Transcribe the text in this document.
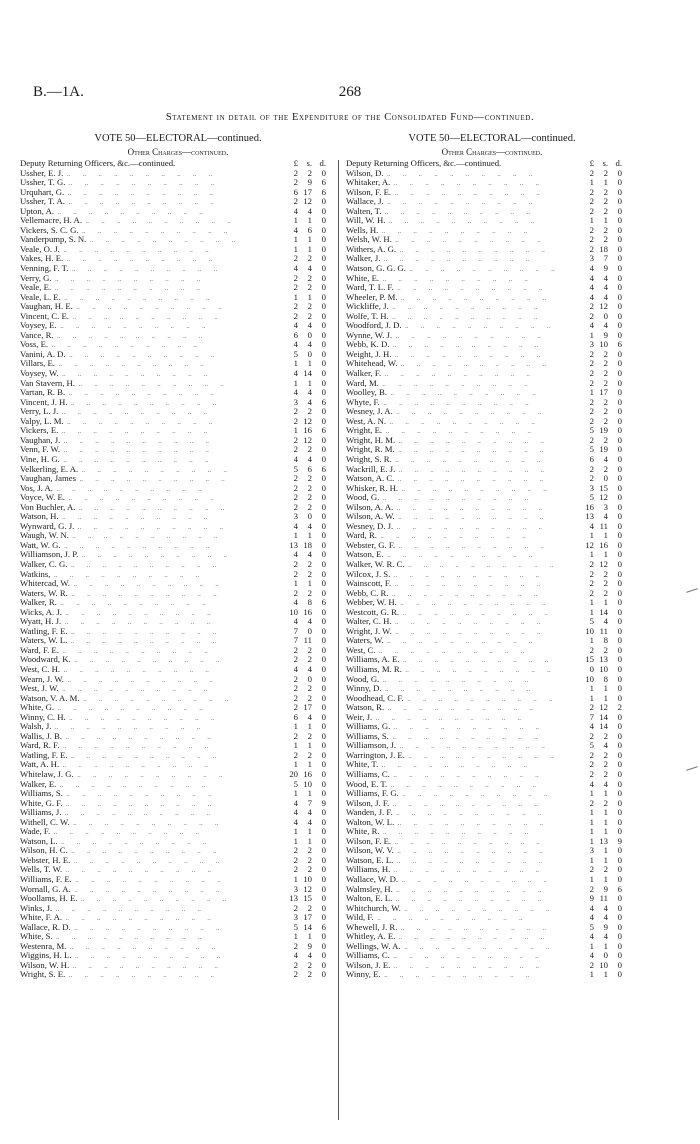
B.—1A.	268
Statement in detail of the Expenditure of the Consolidated Fund—continued.
VOTE 50—ELECTORAL—continued.
Other Charges—continued.
Deputy Returning Officers, &c.—continued.	£ s. d.
Ussher, E. J. ..	2	2	0
Ussher, T. G. ..	2	9	6
Urquhart, G. ..	6 17	6
Ussher, T. A. ..	2 12	0
Upton, A. ..	4	4	0
Vellemacre, H. A. ..	1	1	0
Vickers, S. C. G. ..	4	6	0
Vanderpump, S. N. ..	1	1	0
Veale, O. J. ..	1	1	0
Vakes, H. E. ..	2	2	0
Venning, F. T. ..	4	4	0
Verry, G. ..	2	2	0
Veale, E. ..	2	2	0
Veale, L. E. ..	1	1	0
Vaughan, H. E. ..	2	2	0
Vincent, C. E. ..	2	2	0
Voysey, E. ..	4	4	0
Vance, R. ..	6	0	0
Voss, E. ..	4	4	0
Vanini, A. D. ..	5	0	0
Villars, E. ..	1	1	0
Voysey, W. ..	4 14	0
Van Stavern, H. ..	1	1	0
Vartan, R. B. ..	4	4	0
Vincent, J. H. ..	3	4	6
Verry, L. J. ..	2	2	0
Valpy, L. M. ..	2 12	0
Vickers, E. ..	1 16	6
Vaughan, J. ..	2 12	0
Venn, F. W. ..	2	2	0
Vine, H. G. ..	4	4	0
Velkerling, E. A. ..	5	6	6
Vaughan, James ..	2	2	0
Vos, J. A. ..	2	2	0
Voyce, W. E. ..	2	2	0
Von Buchler, A. ..	2	2	0
Watson, H. ..	3	0	0
Wynward, G. J. ..	4	4	0
Waugh, W. N. ..	1	1	0
Watt, W. G. ..	13 18	0
Williamson, J. P. ..	4	4	0
Walker, C. G. ..	2	2	0
Watkins, ..	2	2	0
Whitercad, W. ..	1	1	0
Waters, W. R. ..	2	2	0
Walker, R. ..	4	8	6
Wicks, A. J. ..	10 16	0
Wyatt, H. J. ..	4	4	0
Watling, F. E. ..	7	0	0
Waters, W. L. ..	7 11	0
Ward, F. E. ..	2	2	0
Woodward, K. ..	2	2	0
West, C. H. ..	4	4	0
Wearn, J. W. ..	2	0	0
West, J. W. ..	2	2	0
Watson, V. A. M. ..	2	2	0
White, G. ..	2 17	0
Winny, C. H. ..	6	4	0
Walsh, J. ..	1	1	0
Wallis, J. B. ..	2	2	0
Ward, R. F. ..	1	1	0
Watling, F. E. ..	2	2	0
Watt, A. H. ..	1	1	0
Whitelaw, J. G. ..	20 16	0
Walker, E. ..	5 10	0
Williams, S. ..	1	1	0
White, G. F. ..	4	7	9
Williams, J. ..	4	4	0
Withell, C. W. ..	4	4	0
Wade, F. ..	1	1	0
Watson, L. ..	1	1	0
Wilson, H. C. ..	2	2	0
Webster, H. E. ..	2	2	0
Wells, T. W. ..	2	2	0
Williams, F. E. ..	1 10	0
Wornall, G. A. ..	3 12	0
Woollams, H. E. ..	13 15	0
Winks, J. ..	2	2	0
White, F. A. ..	3 17	0
Wallace, R. D. ..	5 14	6
White, S. ..	1	1	0
Westenra, M. ..	2	9	0
Wiggins, H. L. ..	4	4	0
Wilson, W. H. ..	2	2	0
Wright, S. E. ..	2	2	0
VOTE 50—ELECTORAL—continued.
Other Charges—continued.
Deputy Returning Officers, &c.—continued.	£ s. d.
Wilson, D. ..	2	2	0
Whitaker, A. ..	1	1	0
Wilson, F. E. ..	2	2	0
Wallace, J. ..	2	2	0
Walten, T. ..	2	2	0
Will, W. H. ..	1	1	0
Wells, H. ..	2	2	0
Welsh, W. H. ..	2	2	0
Withers, A. G. ..	2 18	0
Walker, J. ..	3	7	0
Watson, G. G. G. ..	4	9	0
White, E. ..	4	4	0
Ward, T. L. F. ..	4	4	0
Wheeler, P. M. ..	4	4	0
Wickliffe, J. ..	2 12	0
Wolfe, T. H. ..	2	0	0
Woodford, J. D. ..	4	4	0
Wynne, W. J. ..	1	9	0
Webb, K. D. ..	3 10	6
Weight, J. H. ..	2	2	0
Whitehead, W. ..	2	2	0
Walker, F. ..	2	2	0
Ward, M. ..	2	2	0
Woolley, B. ..	1 17	0
Whyte, F. ..	2	2	0
Wesney, J. A. ..	2	2	0
West, A. N. ..	2	2	0
Wright, E. ..	5 19	0
Wright, H. M. ..	2	2	0
Wright, R. M. ..	5 19	0
Wright, S. R. ..	6	4	0
Wackrill, E. J. ..	2	2	0
Watson, A. C. ..	2	0	0
Whisker, R. H. ..	3 15	0
Wood, G. ..	5 12	0
Wilson, A. A. ..	16	3	0
Wilson, A. W. ..	13	4	0
Wesney, D. J. ..	4 11	0
Ward, R. ..	1	1	0
Webster, G. F. ..	12 16	0
Watson, E. ..	1	1	0
Walker, W. R. C. ..	2 12	0
Wilcox, J. S. ..	2	2	0
Wainscott, F. ..	2	2	0
Webb, C. R. ..	2	2	0
Webber, W. H. ..	1	1	0
Westcott, G. R. ..	1 14	0
Walter, C. H. ..	5	4	0
Wright, J. W. ..	10 11	0
Waters, W. ..	1	8	0
West, C. ..	2	2	0
Williams, A. E. ..	15 13	0
Williams, M. R. ..	0 10	0
Wood, G. ..	10	8	0
Winny, D. ..	1	1	0
Woodhead, C. F. ..	1	1	0
Watson, R. ..	2 12	2
Weir, J. ..	7 14	0
Williams, G. ..	4 14	0
Williams, S. ..	2	2	0
Williamson, J. ..	5	4	0
Warrington, J. E. ..	2	2	0
White, T. ..	2	2	0
Williams, C. ..	2	2	0
Wood, E. T. ..	4	4	0
Williams, F. G. ..	1	1	0
Wilson, J. F. ..	2	2	0
Wanden, J. F. ..	1	1	0
Walton, W. L. ..	1	1	0
White, R. ..	1	1	0
Wilson, F. E. ..	1 13	9
Wilson, W. V. ..	3	1	0
Watson, E. L. ..	1	1	0
Williams, H. ..	2	2	0
Wallace, W. D. ..	1	1	0
Walmsley, H. ..	2	9	6
Walton, E. L. ..	9 11	0
Whitchurch, W. ..	4	4	0
Wild, F. ..	4	4	0
Whewell, J. R. ..	5	9	0
Whitley, A. E. ..	4	4	0
Wellings, W. A. ..	1	1	0
Williams, C. ..	4	0	0
Wilson, J. E. ..	2 10	0
Winny, E. ..	1	1	0
